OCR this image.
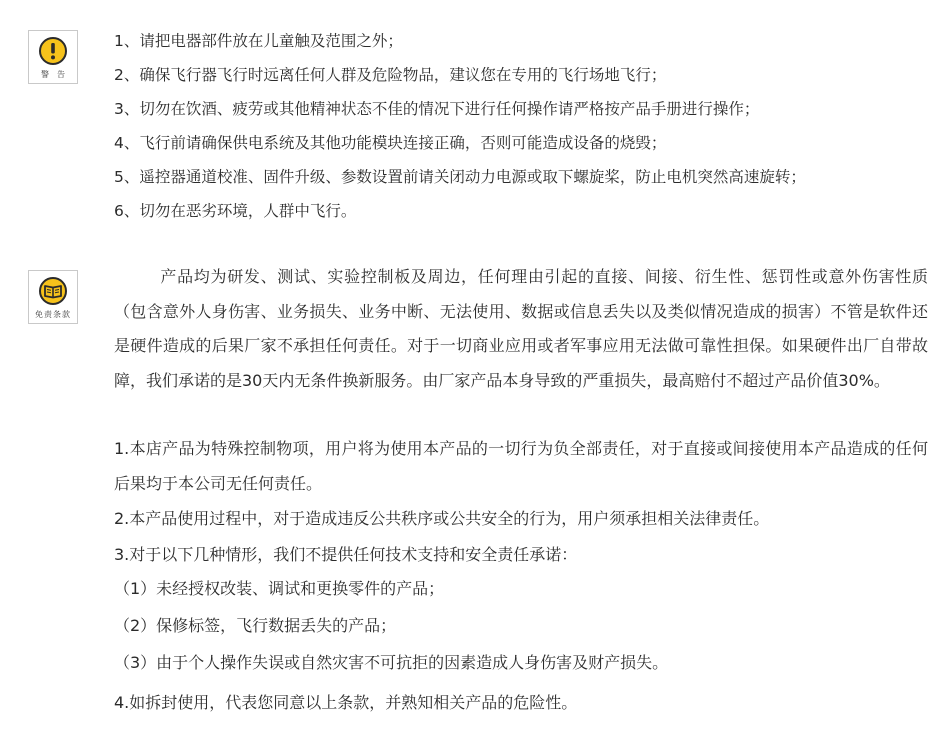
警告
1、请把电器部件放在儿童触及范围之外；
2、确保飞行器飞行时远离任何人群及危险物品，建议您在专用的飞行场地飞行；
3、切勿在饮酒、疲劳或其他精神状态不佳的情况下进行任何操作请严格按产品手册进行操作；
4、飞行前请确保供电系统及其他功能模块连接正确，否则可能造成设备的烧毁；
5、遥控器通道校准、固件升级、参数设置前请关闭动力电源或取下螺旋桨，防止电机突然高速旋转；
6、切勿在恶劣环境，人群中飞行。
免责条款

产品均为研发、测试、实验控制板及周边，任何理由引起的直接、间接、衍生性、惩罚性或意外伤害性质（包含意外人身伤害、业务损失、业务中断、无法使用、数据或信息丢失以及类似情况造成的损害）不管是软件还是硬件造成的后果厂家不承担任何责任。对于一切商业应用或者军事应用无法做可靠性担保。如果硬件出厂自带故障，我们承诺的是30天内无条件换新服务。由厂家产品本身导致的严重损失，最高赔付不超过产品价值30%。

1.本店产品为特殊控制物项，用户将为使用本产品的一切行为负全部责任，对于直接或间接使用本产品造成的任何后果均于本公司无任何责任。

2.本产品使用过程中，对于造成违反公共秩序或公共安全的行为，用户须承担相关法律责任。

3.对于以下几种情形，我们不提供任何技术支持和安全责任承诺：

（1）未经授权改装、调试和更换零件的产品；

（2）保修标签，飞行数据丢失的产品；

（3）由于个人操作失误或自然灾害不可抗拒的因素造成人身伤害及财产损失。

4.如拆封使用，代表您同意以上条款，并熟知相关产品的危险性。
